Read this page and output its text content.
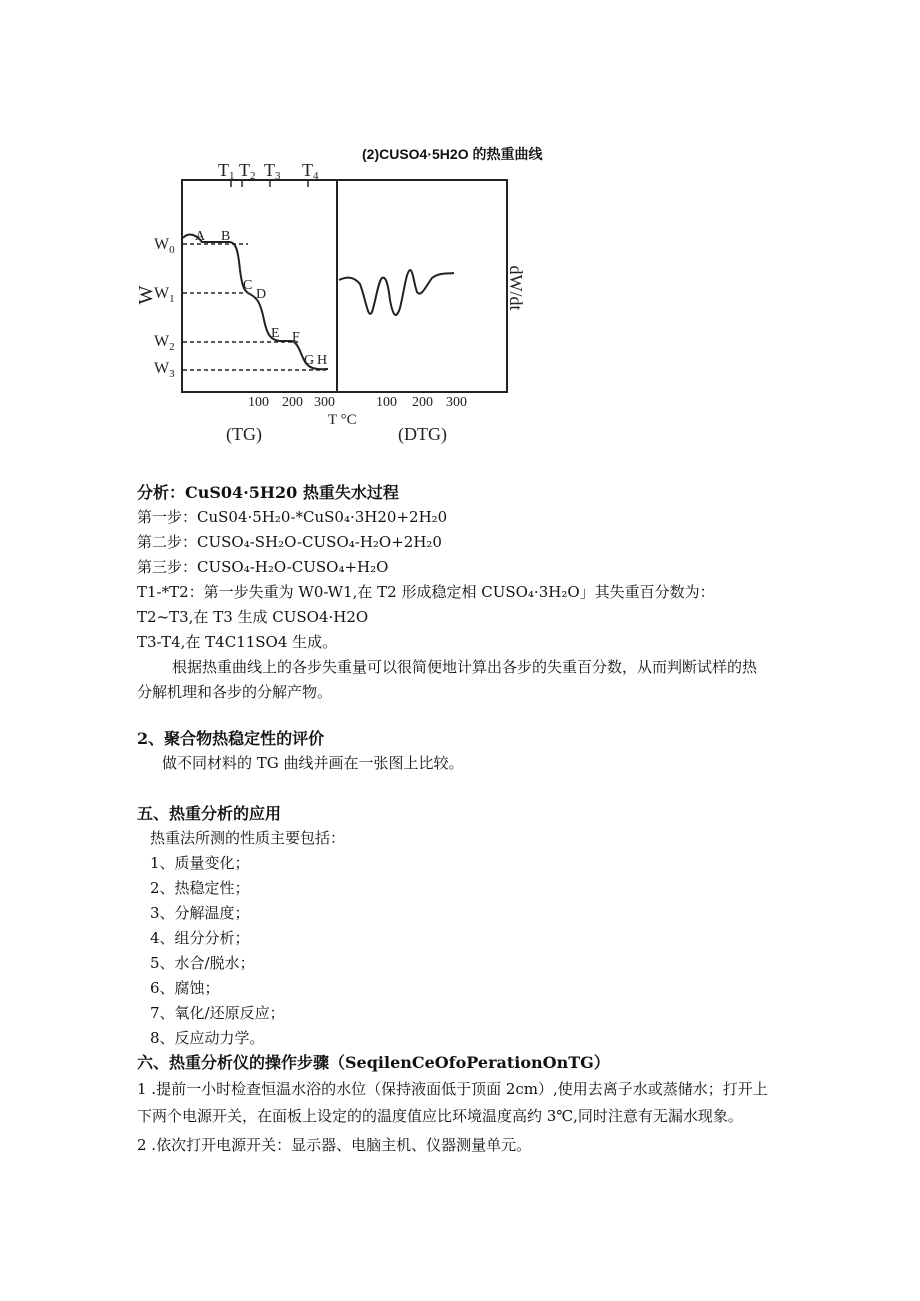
(2)CUSO4·5H2O 的热重曲线
T1 T2 T3 T4
$W_0$
$W_1$
$W_2$
$W_3$
W
A B
C
D
E F
G H
dW/dt
100 200 300	100 200 300
T °C
(TG)	(DTG)
分析：CuS04·5H20 热重失水过程
第一步：CuS04·5H₂0-*CuS0₄·3H20+2H₂0
第二步：CUSO₄-SH₂O-CUSO₄-H₂O+2H₂0
第三步：CUSO₄-H₂O-CUSO₄+H₂O
T1-*T2：第一步失重为 W0-W1,在 T2 形成稳定相 CUSO₄·3H₂O」其失重百分数为：
T2~T3,在 T3 生成 CUSO4·H2O
T3-T4,在 T4C11SO4 生成。
根据热重曲线上的各步失重量可以很简便地计算出各步的失重百分数，从而判断试样的热
分解机理和各步的分解产物。
2、聚合物热稳定性的评价
做不同材料的 TG 曲线并画在一张图上比较。
五、热重分析的应用
热重法所测的性质主要包括：
1、质量变化；
2、热稳定性；
3、分解温度；
4、组分分析；
5、水合/脱水；
6、腐蚀；
7、氧化/还原反应；
8、反应动力学。
六、热重分析仪的操作步骤（SeqilenCeOfoPerationOnTG）
1 .提前一小时检查恒温水浴的水位（保持液面低于顶面 2cm）,使用去离子水或蒸储水；打开上
下两个电源开关，在面板上设定的的温度值应比环境温度高约 3℃,同时注意有无漏水现象。
2 .依次打开电源开关：显示器、电脑主机、仪器测量单元。
